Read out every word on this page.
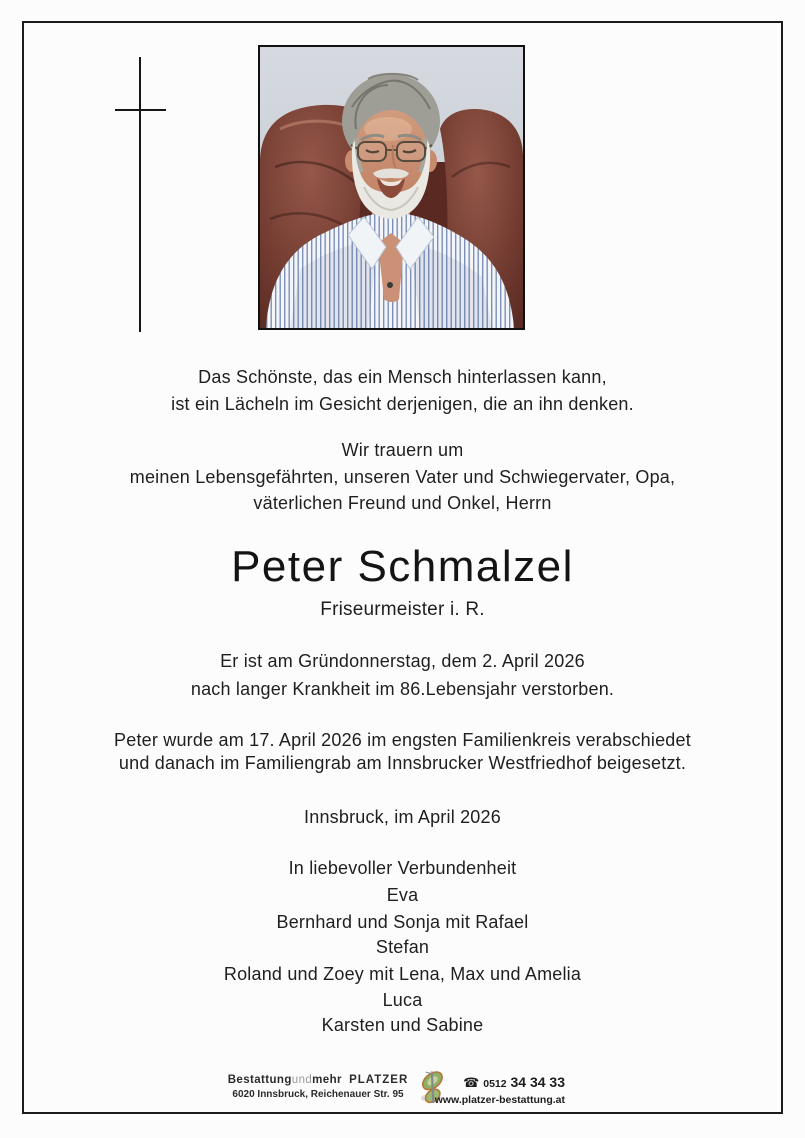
Das Schönste, das ein Mensch hinterlassen kann,
ist ein Lächeln im Gesicht derjenigen, die an ihn denken.
Wir trauern um
meinen Lebensgefährten, unseren Vater und Schwiegervater, Opa,
väterlichen Freund und Onkel, Herrn
Peter Schmalzel
Friseurmeister i. R.
Er ist am Gründonnerstag, dem 2. April 2026
nach langer Krankheit im 86.Lebensjahr verstorben.
Peter wurde am 17. April 2026 im engsten Familienkreis verabschiedet
und danach im Familiengrab am Innsbrucker Westfriedhof beigesetzt.
Innsbruck, im April 2026
In liebevoller Verbundenheit
Eva
Bernhard und Sonja mit Rafael
Stefan
Roland und Zoey mit Lena, Max und Amelia
Luca
Karsten und Sabine
Bestattungundmehr PLATZER
6020 Innsbruck, Reichenauer Str. 95
☎ 0512 34 34 33
www.platzer-bestattung.at
